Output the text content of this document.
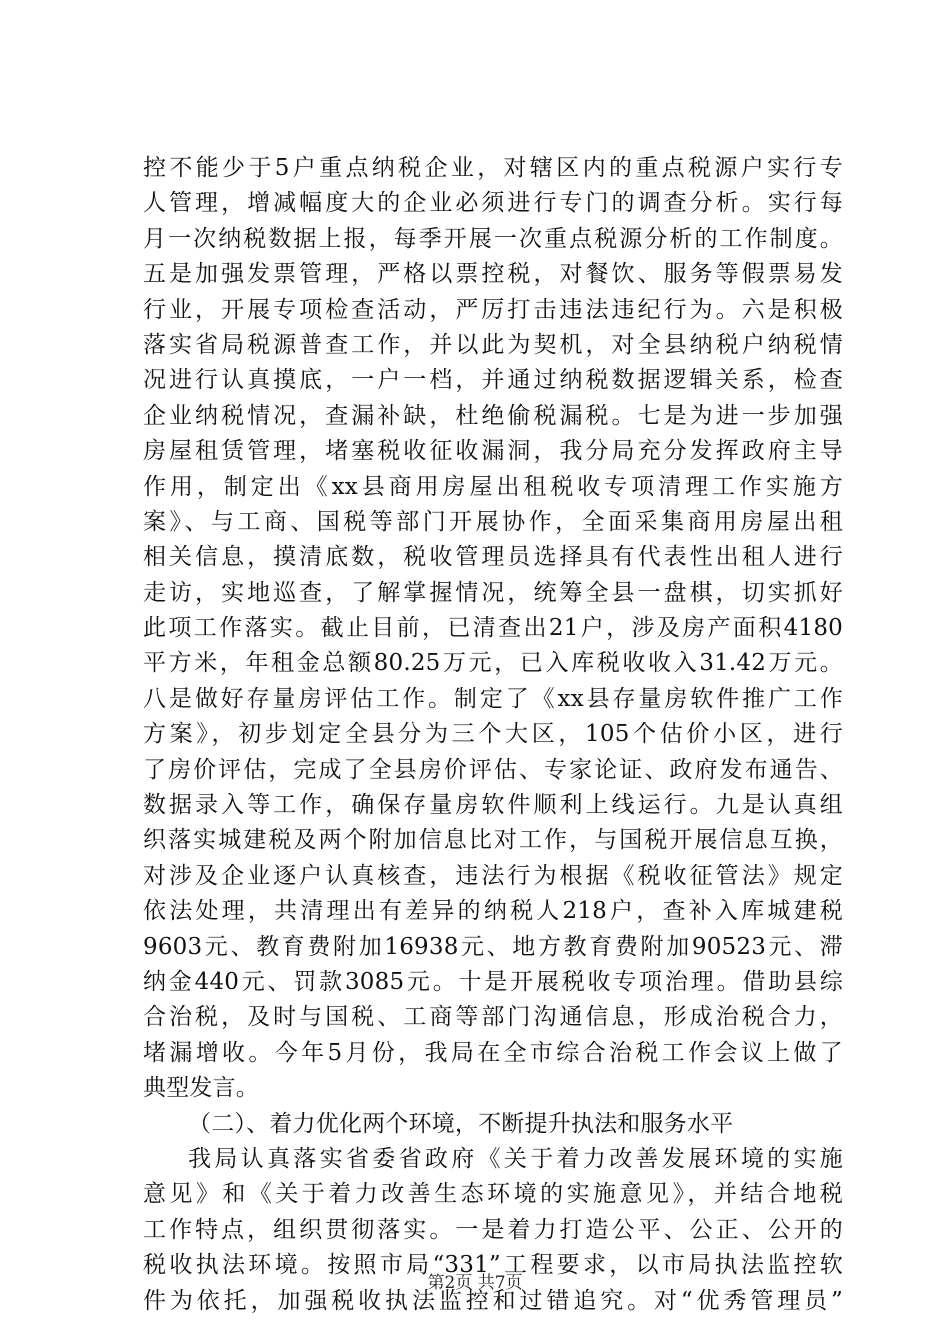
控不能少于5户重点纳税企业，对辖区内的重点税源户实行专
人管理，增减幅度大的企业必须进行专门的调查分析。实行每
月一次纳税数据上报，每季开展一次重点税源分析的工作制度。
五是加强发票管理，严格以票控税，对餐饮、服务等假票易发
行业，开展专项检查活动，严厉打击违法违纪行为。六是积极
落实省局税源普查工作，并以此为契机，对全县纳税户纳税情
况进行认真摸底，一户一档，并通过纳税数据逻辑关系，检查
企业纳税情况，查漏补缺，杜绝偷税漏税。七是为进一步加强
房屋租赁管理，堵塞税收征收漏洞，我分局充分发挥政府主导
作用，制定出《xx县商用房屋出租税收专项清理工作实施方
案》、与工商、国税等部门开展协作，全面采集商用房屋出租
相关信息，摸清底数，税收管理员选择具有代表性出租人进行
走访，实地巡查，了解掌握情况，统筹全县一盘棋，切实抓好
此项工作落实。截止目前，已清查出21户，涉及房产面积4180
平方米，年租金总额80.25万元，已入库税收收入31.42万元。
八是做好存量房评估工作。制定了《xx县存量房软件推广工作
方案》，初步划定全县分为三个大区，105个估价小区，进行
了房价评估，完成了全县房价评估、专家论证、政府发布通告、
数据录入等工作，确保存量房软件顺利上线运行。九是认真组
织落实城建税及两个附加信息比对工作，与国税开展信息互换，
对涉及企业逐户认真核查，违法行为根据《税收征管法》规定
依法处理，共清理出有差异的纳税人218户，查补入库城建税
9603元、教育费附加16938元、地方教育费附加90523元、滞
纳金440元、罚款3085元。十是开展税收专项治理。借助县综
合治税，及时与国税、工商等部门沟通信息，形成治税合力，
堵漏增收。今年5月份，我局在全市综合治税工作会议上做了
典型发言。
（二）、着力优化两个环境，不断提升执法和服务水平
我局认真落实省委省政府《关于着力改善发展环境的实施
意见》和《关于着力改善生态环境的实施意见》，并结合地税
工作特点，组织贯彻落实。一是着力打造公平、公正、公开的
税收执法环境。按照市局“331”工程要求，以市局执法监控软
件为依托，加强税收执法监控和过错追究。对“优秀管理员”
第2页 共7页
